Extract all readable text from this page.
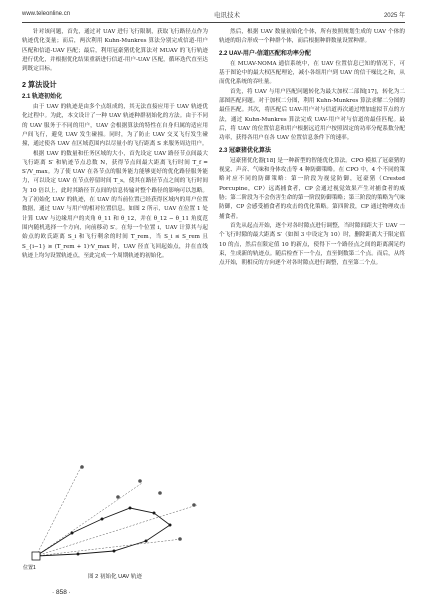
www.teleonline.cn	电讯技术	2025 年

针对该问题，首先，通过对 UAV 进行飞行限制，获取飞行路径点作为轨迹优化变量；而后，两次利用 Kuhn-Munkres 算法分别完成信道-用户匹配和信道-UAV 匹配；最后，利用冠豪猪优化算法对 MUAV 的飞行轨迹进行优化，并根据优化结果重新进行信道-用户-UAV 匹配，循环迭代直至达到既定目标。

2 算法设计
2.1 轨迹初始化

由于 UAV 的轨迹是由多个点组成的，其无法直接应用于 UAV 轨迹优化过程中。为此，本文设计了一种 UAV 轨迹种群初始化的方法。由于不同的 UAV 服务于不同的用户，UAV 会根据算法的特性在自身归属的适应用户间飞行，避免 UAV 发生碰撞。同时，为了防止 UAV 交叉飞行发生碰撞，通过使各 UAV 在区域范围内以尽量小的飞行距离 S 来服务周边用户。

根据 UAV 的数量和任务区域的大小，首先设定 UAV 路径节点间最大飞行距离 S′ 和轨迹节点总数 N，获得节点间最大距离飞行时间 T_f = S′/V_max。为了使 UAV 在各节点的服务能力能够更好的优化路径服务能力，可以设定 UAV 在节点停留时间 T_s，使其在路径节点之间的飞行时间为 10 倍以上，此时其路径节点间的信息传输对整个路径的影响可以忽略。为了初始化 UAV 的轨迹，在 UAV 的当前位置已经获得区域内的用户位置数据，通过 UAV 与用户的相对位置信息。如图 2 所示，UAV 在位置 1 处计算 UAV 与边缘用户的夹角 θ_11 和 θ_12，并在 θ_12 − θ_11 角度范围内随机选择一个方向，向前移动 S′。在每一个位置 i，UAV 计算其与起始点的欧氏距离 S_i 和飞行剩余的时间 T_rem，当 S_i ≤ S_rem 且 S_{i−1} ≥ (T_rem + 1)·V_max 时，UAV 径直飞回起始点，并在直线轨迹上均匀设置轨迹点，至此完成一个周期轨迹的初始化。

位置1
图 2 初始化 UAV 轨迹
· 858 ·

然后，根据 UAV 数量初始化个体，所有按照规划生成的 UAV 个体的轨迹的组合形成一个种群个体，而后根据种群数量设置种群。

2.2 UAV-用户-信道匹配和功率分配

在 MUAV-NOMA 通信系统中，在 UAV 位置信息已知的情况下，可基于图论中的最大权匹配理论，减小各组用户到 UAV 的信干噪比之和，从而优化系统的吞吐量。

首先，将 UAV 与用户匹配问题转化为最大加权二部图[17]，转化为二部图匹配问题。对于加权二分图，利用 Kuhn-Munkres 算法求解二分图的最佳匹配。其次，将匹配后 UAV-用户对与信道再次通过增加虚拟节点的方法，通过 Kuhn-Munkres 算法完成 UAV-用户对与信道的最佳匹配。最后，将 UAV 的位置信息和用户根据远近用户按照固定的功率分配系数分配功率，获得各用户在各 UAV 位置信息条件下的速率。

2.3 冠豪猪优化算法

冠豪猪优化器[18] 是一种新型的智能优化算法。CPO 模拟了冠豪猪的视觉、声音、气味和身体攻击等 4 种防御策略。在 CPO 中，4 个不同的策略对应不同的防御策略：第一阶段为视觉防御，冠豪猪（Crested Porcupine，CP）远离捕食者，CP 会通过视觉效果产生对捕食者的威胁；第二阶段为不会伤害生命的第一阶段防御策略；第三阶段的策略为气味防御，CP 会感受捕食者的攻击的优化策略。第四阶段，CP 通过物理攻击捕食者。

首先从起点开始，逐个对各时隙点进行调整，当时隙间距大于 UAV 一个飞行时隙的最大距离 S′（如图 3 中设定为 10）时，删除距离大于限定值 10 的点，然后在限定值 10 的新点，使得下一个路径点之间的距离满足约束，生成新的轨迹点。随后检查下一个点，直至倒数第二个点。而后，从终点开始，朝相反的方向逐个对各时隙点进行调整，直至第二个点。
